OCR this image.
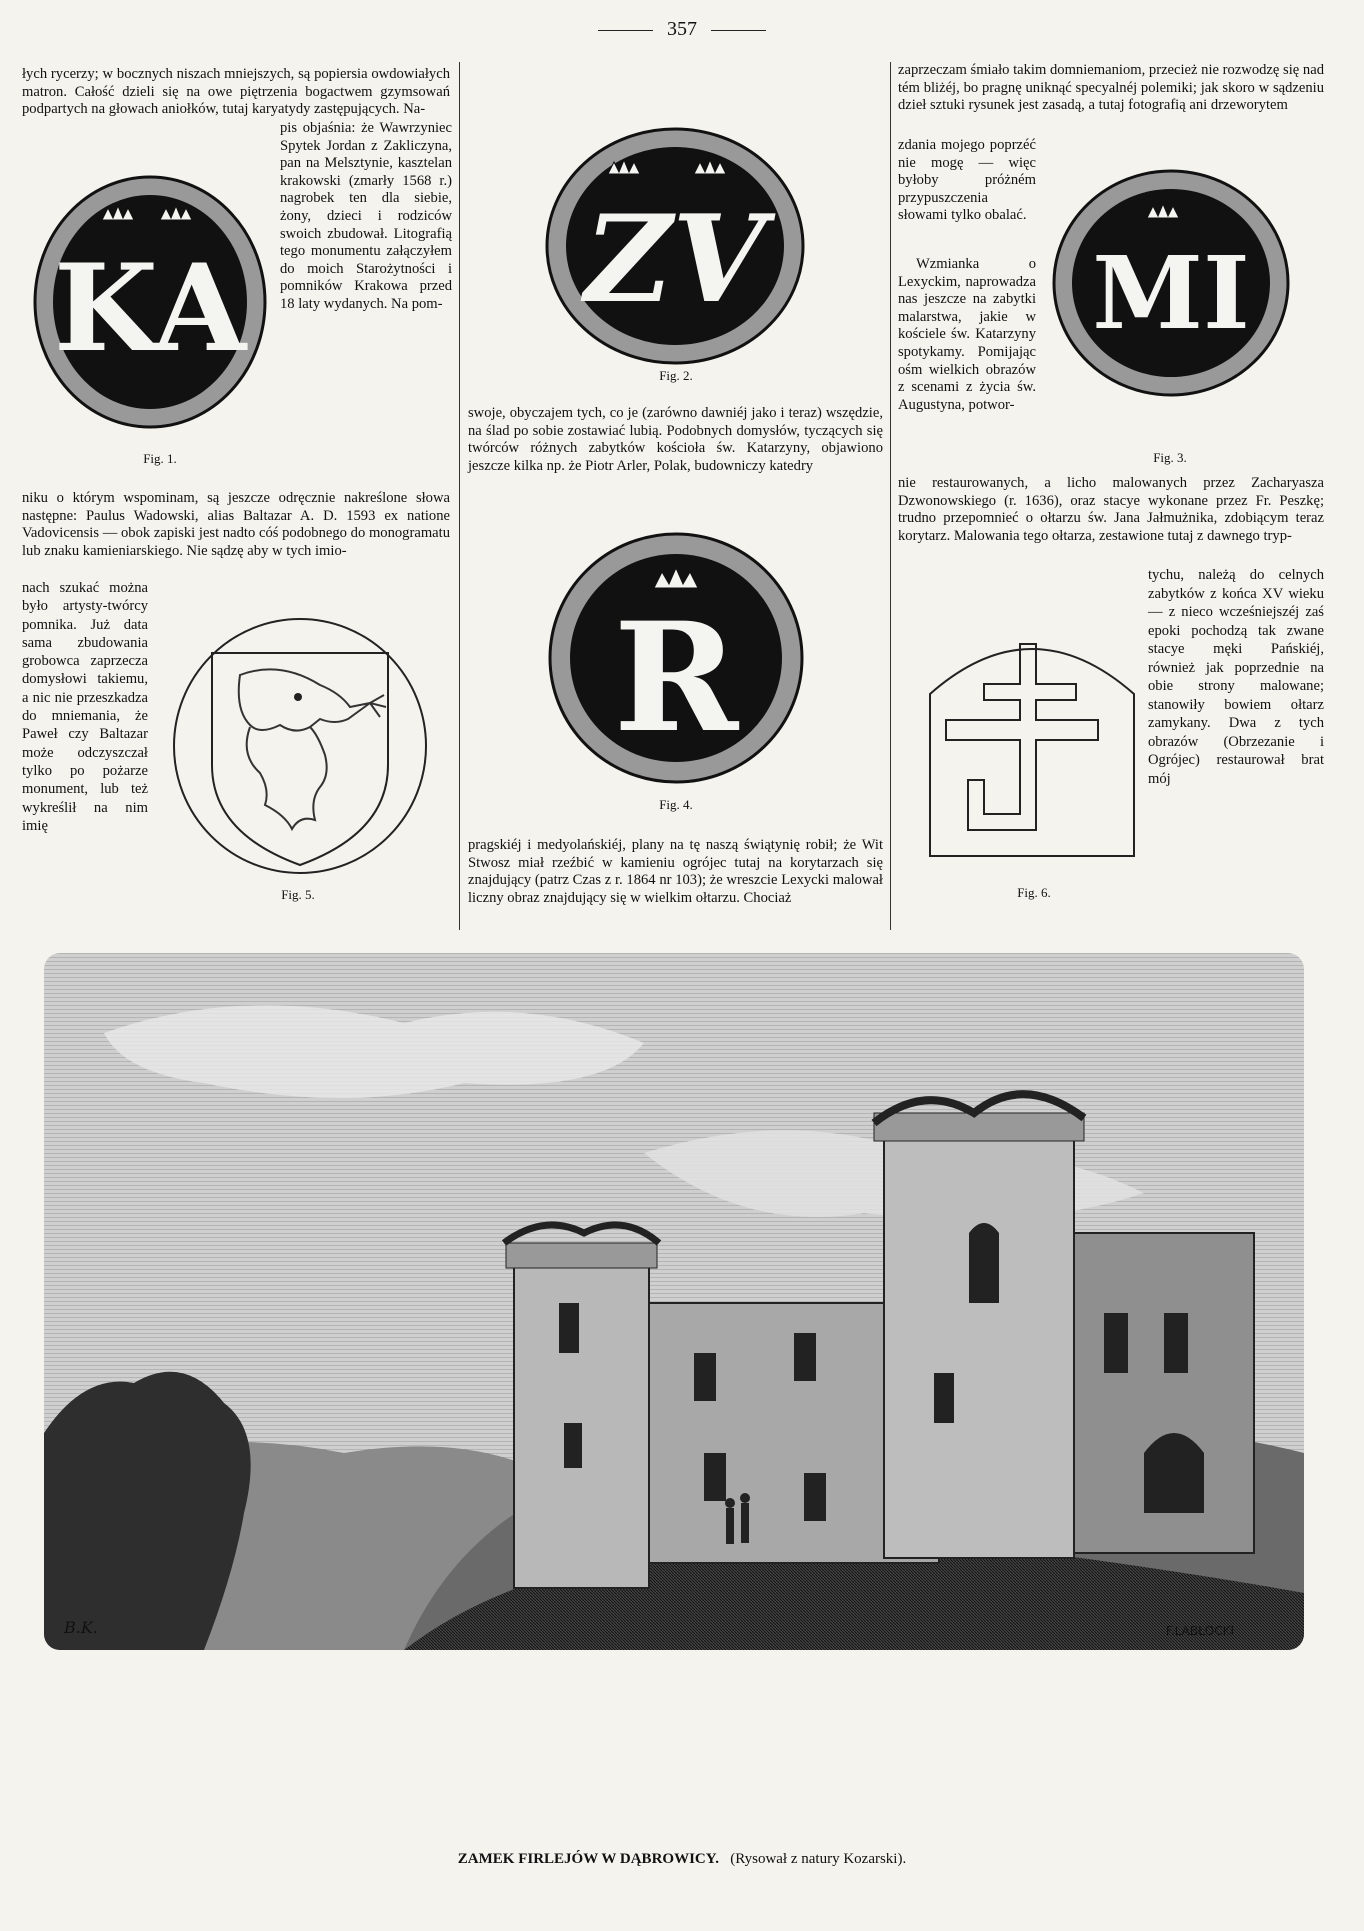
357

łych rycerzy; w bocznych niszach mniejszych, są popiersia owdowiałych matron. Całość dzieli się na owe piętrzenia bogactwem gzymsowań podpartych na głowach aniołków, tutaj karyatydy zastępujących. Na-

KA
Fig. 1.

pis objaśnia: że Wawrzyniec Spytek Jordan z Zakliczyna, pan na Melsztynie, kasztelan krakowski (zmarły 1568 r.) nagrobek ten dla siebie, żony, dzieci i rodziców swoich zbudował. Litografią tego monumentu załączyłem do moich Starożytności i pomników Krakowa przed 18 laty wydanych. Na pom-

niku o którym wspominam, są jeszcze odręcznie nakreślone słowa następne: Paulus Wadowski, alias Baltazar A. D. 1593 ex natione Vadovicensis — obok zapiski jest nadto cóś podobnego do monogramatu lub znaku kamieniarskiego. Nie sądzę aby w tych imio-

nach szukać można było artysty-twórcy pomnika. Już data sama zbudowania grobowca zaprzecza domysłowi takiemu, a nic nie przeszkadza do mniemania, że Paweł czy Baltazar może odczyszczał tylko po pożarze monument, lub też wykreślił na nim imię

Fig. 5.
ZV
Fig. 2.

swoje, obyczajem tych, co je (zarówno dawniéj jako i teraz) wszędzie, na ślad po sobie zostawiać lubią. Podobnych domysłów, tyczących się twórców różnych zabytków kościoła św. Katarzyny, objawiono jeszcze kilka np. że Piotr Arler, Polak, budowniczy katedry

R
Fig. 4.

pragskiéj i medyolańskiéj, plany na tę naszą świątynię robił; że Wit Stwosz miał rzeźbić w kamieniu ogrójec tutaj na korytarzach się znajdujący (patrz Czas z r. 1864 nr 103); że wreszcie Lexycki malował liczny obraz znajdujący się w wielkim ołtarzu. Chociaż

zaprzeczam śmiało takim domniemaniom, przecież nie rozwodzę się nad tém bliżéj, bo pragnę uniknąć specyalnéj polemiki; jak skoro w sądzeniu dzieł sztuki rysunek jest zasadą, a tutaj fotografią ani drzeworytem

zdania mojego poprzéć nie mogę — więc byłoby próżném przypuszczenia słowami tylko obalać.

Wzmianka o Lexyckim, naprowadza nas jeszcze na zabytki malarstwa, jakie w kościele św. Katarzyny spotykamy. Pomijając ośm wielkich obrazów z scenami z życia św. Augustyna, potwor-

MI
Fig. 3.

nie restaurowanych, a licho malowanych przez Zacharyasza Dzwonowskiego (r. 1636), oraz stacye wykonane przez Fr. Peszkę; trudno przepomnieć o ołtarzu św. Jana Jałmużnika, zdobiącym teraz korytarz. Malowania tego ołtarza, zestawione tutaj z dawnego tryp-

Fig. 6.

tychu, należą do celnych zabytków z końca XV wieku — z nieco wcześniejszéj zaś epoki pochodzą tak zwane stacye męki Pańskiéj, również jak poprzednie na obie strony malowane; stanowiły bowiem ołtarz zamykany. Dwa z tych obrazów (Obrzezanie i Ogrójec) restaurował brat mój

B.K.	F.LABŁOCKI
ZAMEK FIRLEJÓW W DĄBROWICY. (Rysował z natury Kozarski).
